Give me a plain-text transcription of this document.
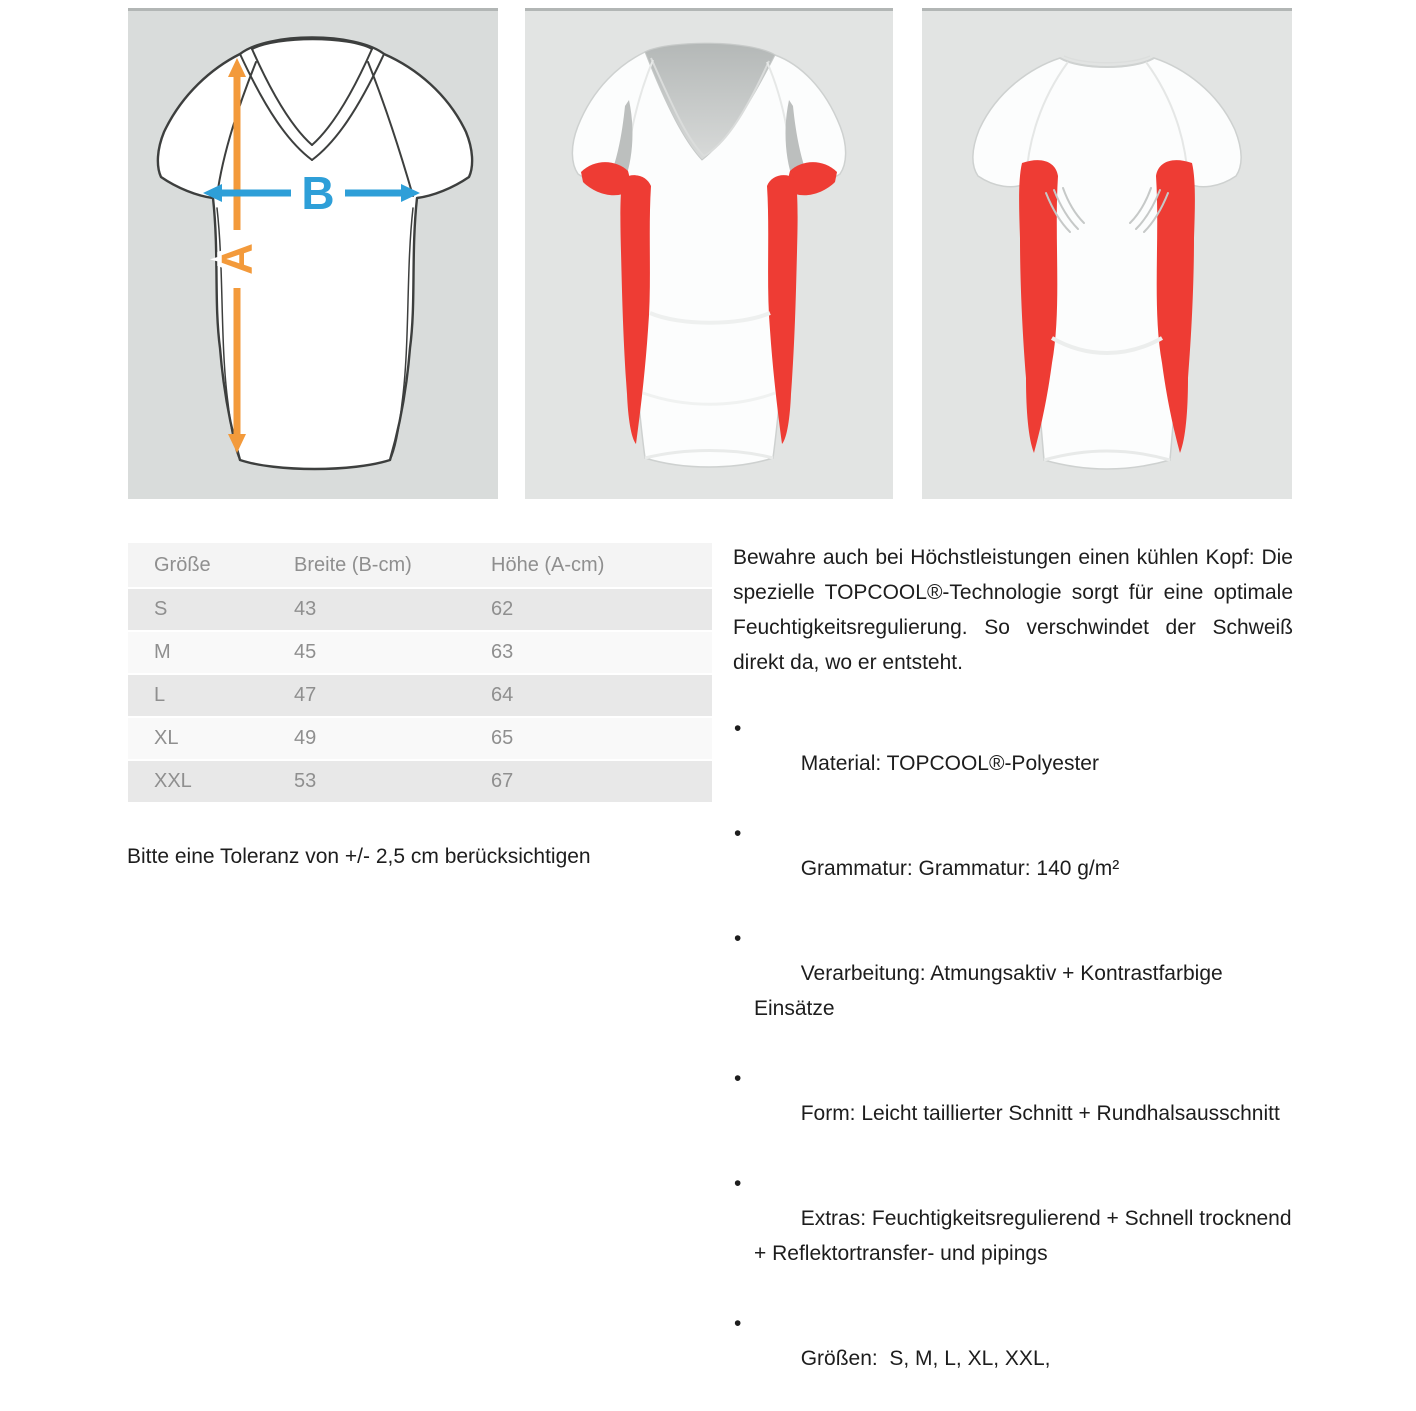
A
B
Größe	Breite (B-cm)	Höhe (A-cm)
S	43	62
M	45	63
L	47	64
XL	49	65
XXL	53	67

Bitte eine Toleranz von +/- 2,5 cm berücksichtigen

Bewahre auch bei Höchstleistungen einen kühlen Kopf: Die spezielle TOPCOOL®-Technologie sorgt für eine optimale Feuchtigkeitsregulierung. So verschwindet der Schweiß direkt da, wo er entsteht.

•
Material: TOPCOOL®-Polyester

•
Grammatur: Grammatur: 140 g/m²

•
Verarbeitung: Atmungsaktiv + Kontrastfarbige Einsätze

•
Form: Leicht taillierter Schnitt + Rundhalsausschnitt

•
Extras: Feuchtigkeitsregulierend + Schnell trocknend + Reflektortransfer- und pipings

•
Größen:  S, M, L, XL, XXL,
